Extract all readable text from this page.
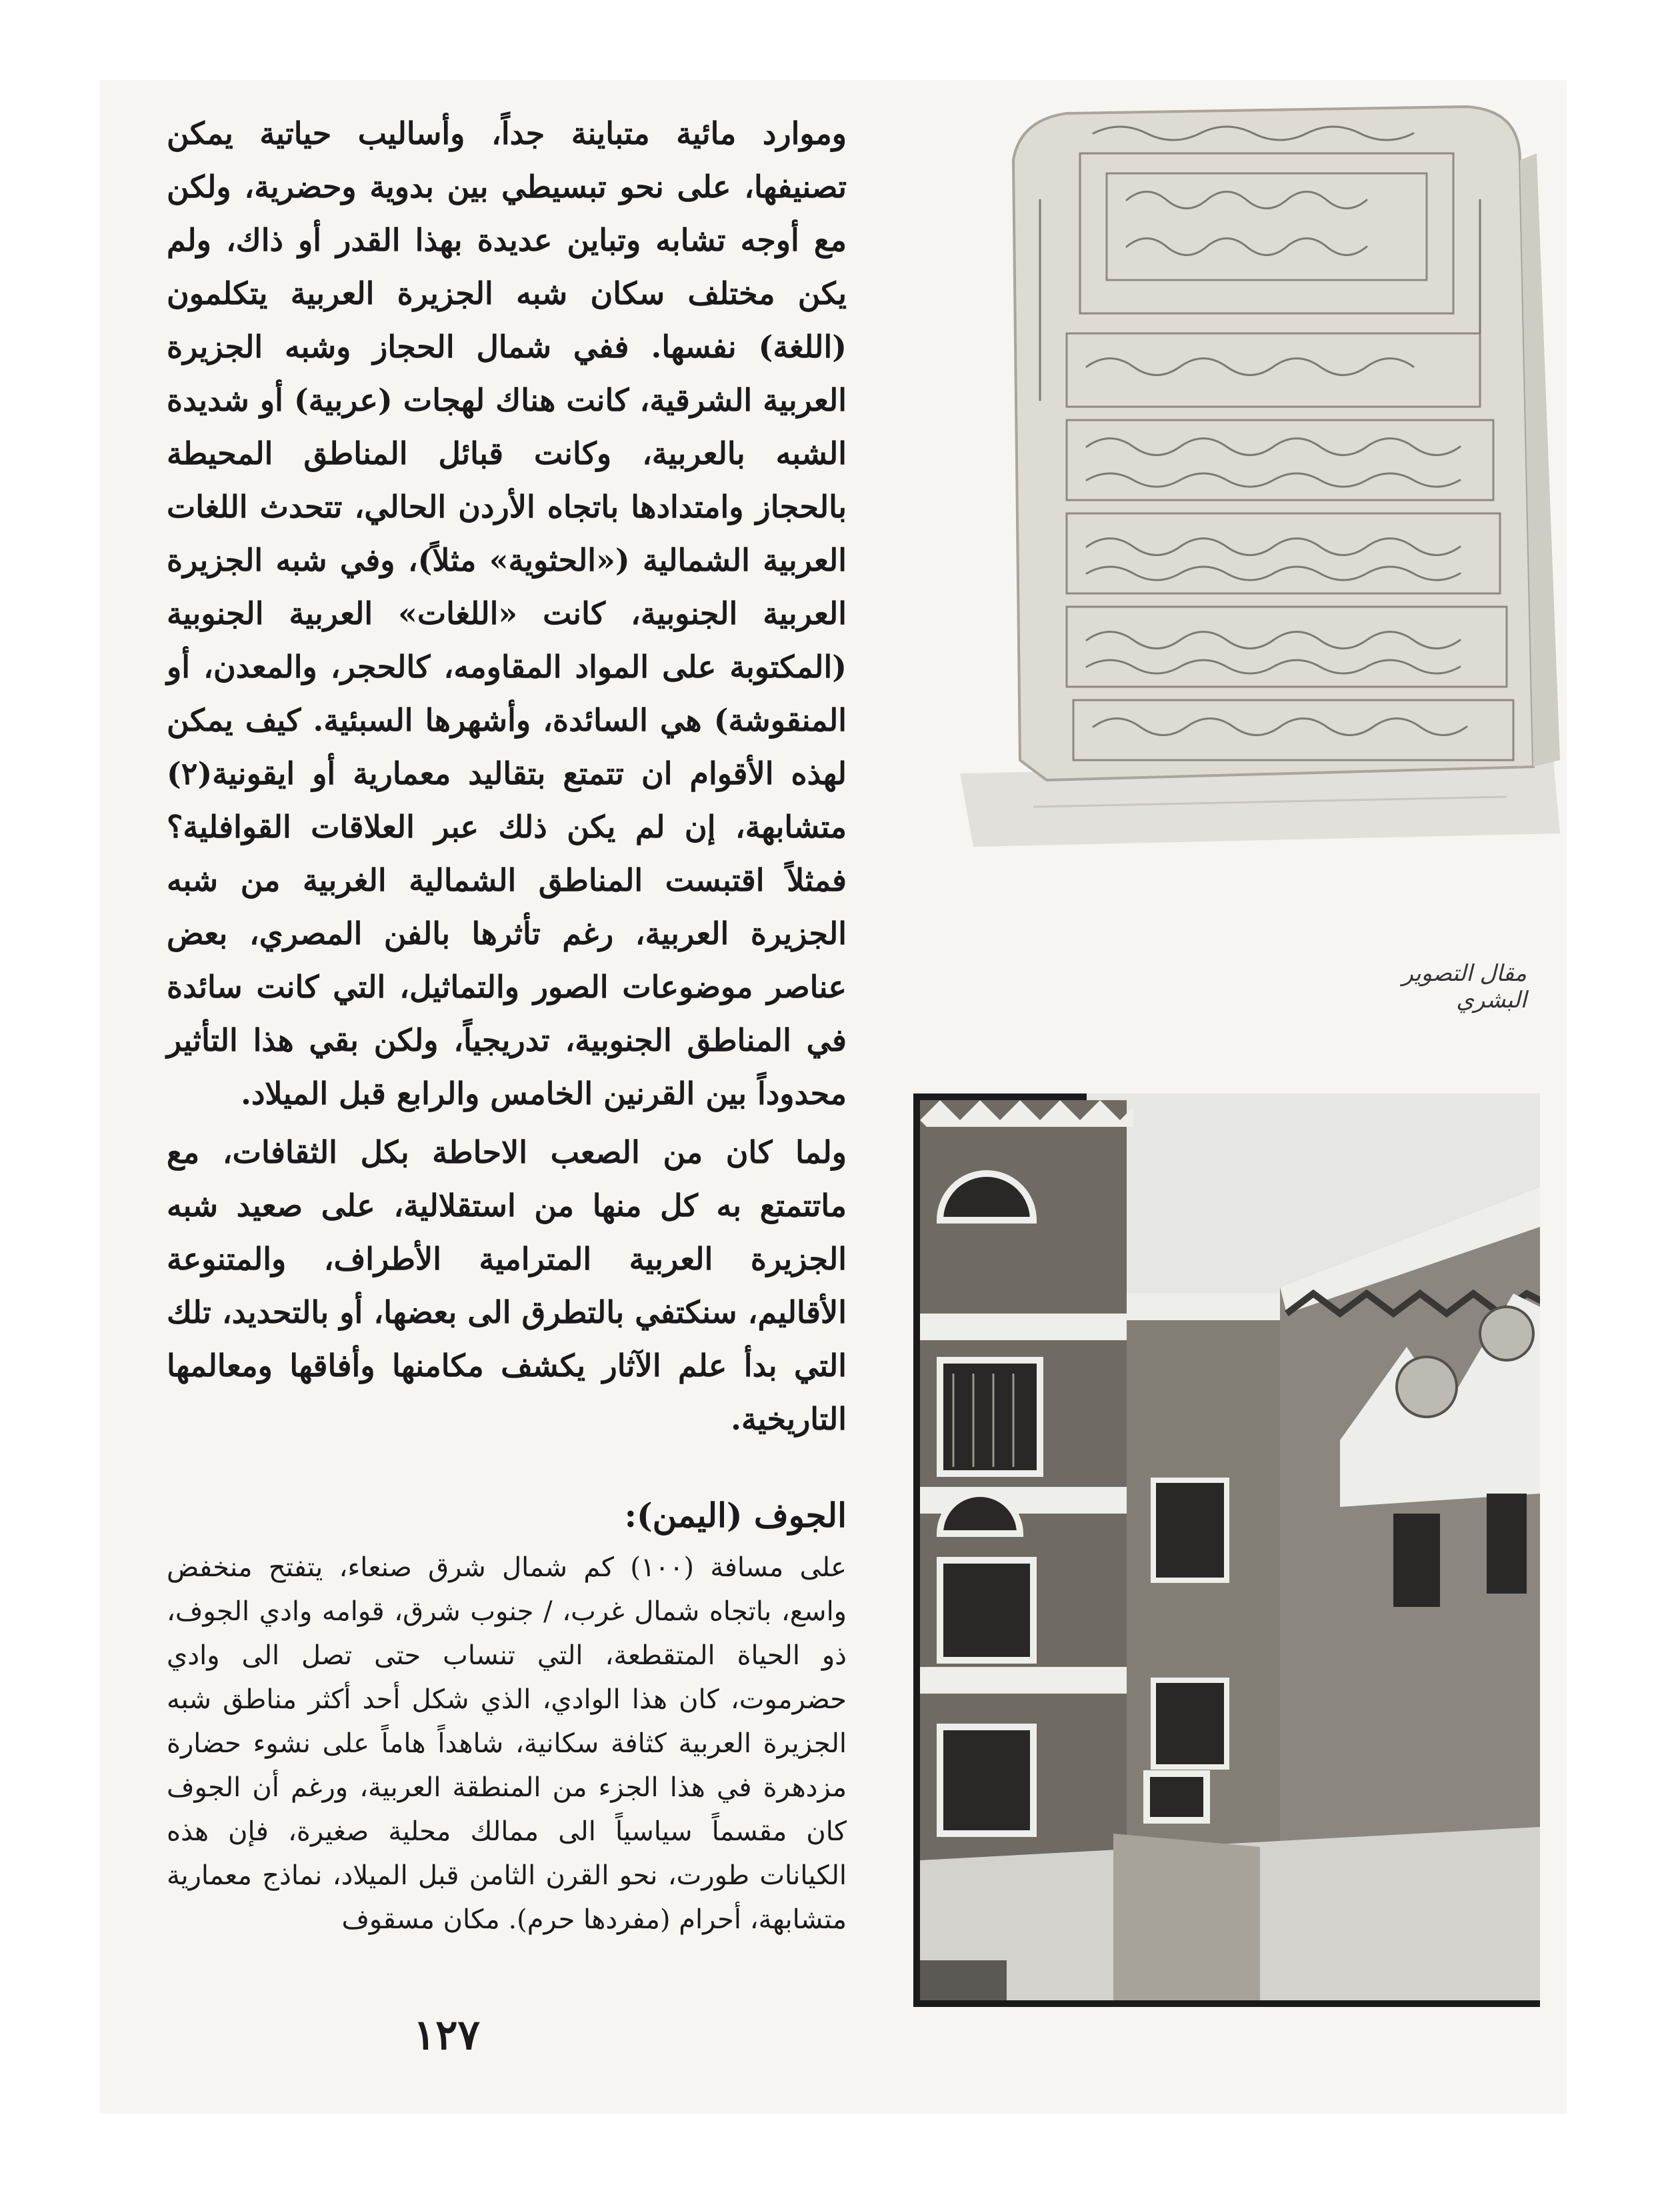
وموارد مائية متباينة جداً، وأساليب حياتية يمكن تصنيفها، على نحو تبسيطي بين بدوية وحضرية، ولكن مع أوجه تشابه وتباين عديدة بهذا القدر أو ذاك، ولم يكن مختلف سكان شبه الجزيرة العربية يتكلمون (اللغة) نفسها. ففي شمال الحجاز وشبه الجزيرة العربية الشرقية، كانت هناك لهجات (عربية) أو شديدة الشبه بالعربية، وكانت قبائل المناطق المحيطة بالحجاز وامتدادها باتجاه الأردن الحالي، تتحدث اللغات العربية الشمالية («الحثوية» مثلاً)، وفي شبه الجزيرة العربية الجنوبية، كانت «اللغات» العربية الجنوبية (المكتوبة على المواد المقاومه، كالحجر، والمعدن، أو المنقوشة) هي السائدة، وأشهرها السبئية. كيف يمكن لهذه الأقوام ان تتمتع بتقاليد معمارية أو ايقونية(٢) متشابهة، إن لم يكن ذلك عبر العلاقات القوافلية؟ فمثلاً اقتبست المناطق الشمالية الغربية من شبه الجزيرة العربية، رغم تأثرها بالفن المصري، بعض عناصر موضوعات الصور والتماثيل، التي كانت سائدة في المناطق الجنوبية، تدريجياً، ولكن بقي هذا التأثير محدوداً بين القرنين الخامس والرابع قبل الميلاد.

ولما كان من الصعب الاحاطة بكل الثقافات، مع ماتتمتع به كل منها من استقلالية، على صعيد شبه الجزيرة العربية المترامية الأطراف، والمتنوعة الأقاليم، سنكتفي بالتطرق الى بعضها، أو بالتحديد، تلك التي بدأ علم الآثار يكشف مكامنها وأفاقها ومعالمها التاريخية.

الجوف (اليمن):

على مسافة (١٠٠) كم شمال شرق صنعاء، يتفتح منخفض واسع، باتجاه شمال غرب، / جنوب شرق، قوامه وادي الجوف، ذو الحياة المتقطعة، التي تنساب حتى تصل الى وادي حضرموت، كان هذا الوادي، الذي شكل أحد أكثر مناطق شبه الجزيرة العربية كثافة سكانية، شاهداً هاماً على نشوء حضارة مزدهرة في هذا الجزء من المنطقة العربية، ورغم أن الجوف كان مقسماً سياسياً الى ممالك محلية صغيرة، فإن هذه الكيانات طورت، نحو القرن الثامن قبل الميلاد، نماذج معمارية متشابهة، أحرام (مفردها حرم). مكان مسقوف

١٢٧
مقال التصوير البشري
